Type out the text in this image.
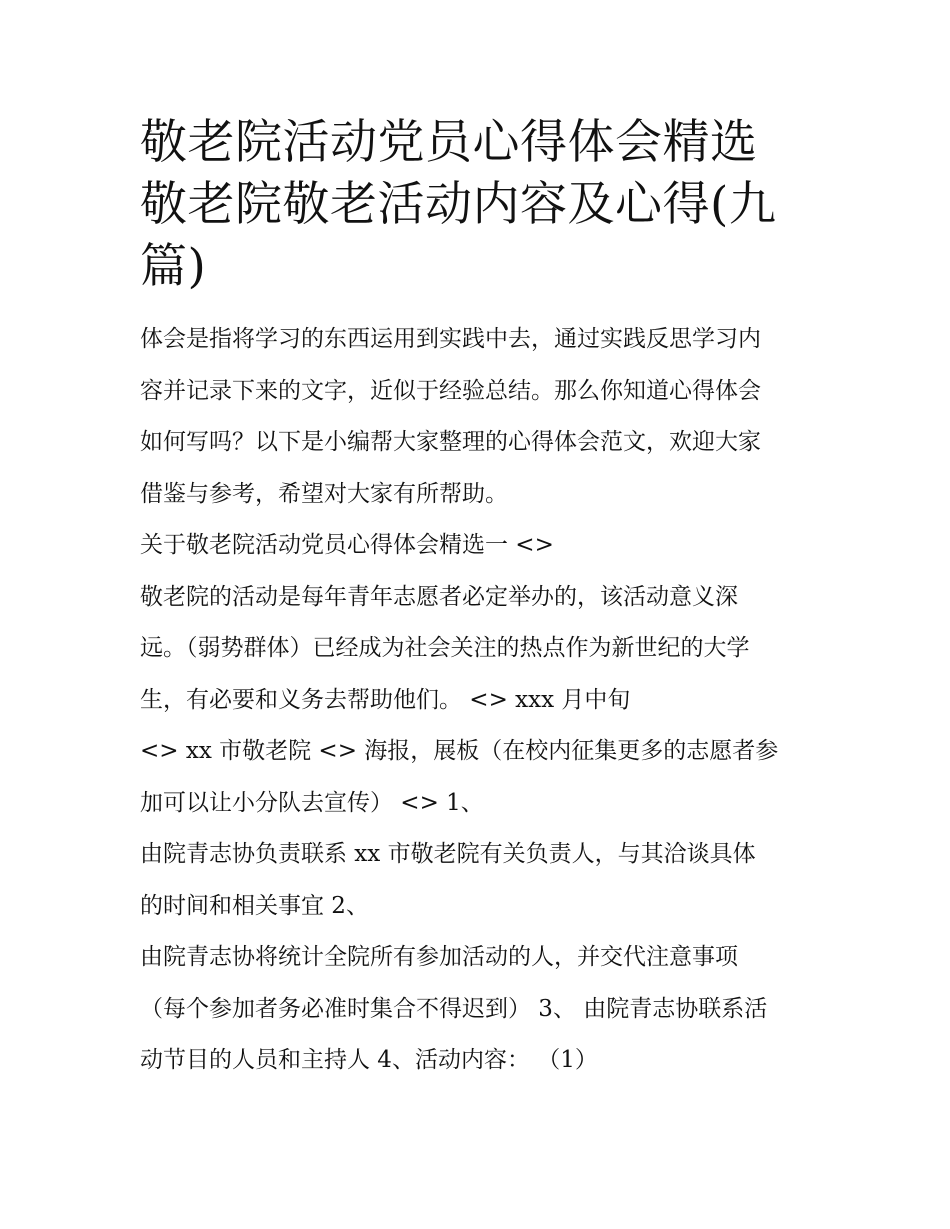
敬老院活动党员心得体会精选
敬老院敬老活动内容及心得(九
篇)

体会是指将学习的东西运用到实践中去，通过实践反思学习内
容并记录下来的文字，近似于经验总结。那么你知道心得体会
如何写吗？以下是小编帮大家整理的心得体会范文，欢迎大家
借鉴与参考，希望对大家有所帮助。

关于敬老院活动党员心得体会精选一 <>

敬老院的活动是每年青年志愿者必定举办的，该活动意义深
远。（弱势群体）已经成为社会关注的热点作为新世纪的大学
生，有必要和义务去帮助他们。 <> xxx 月中旬

<> xx 市敬老院 <> 海报，展板（在校内征集更多的志愿者参
加可以让小分队去宣传） <> 1、

由院青志协负责联系 xx 市敬老院有关负责人，与其洽谈具体
的时间和相关事宜 2、

由院青志协将统计全院所有参加活动的人，并交代注意事项
（每个参加者务必准时集合不得迟到） 3、 由院青志协联系活
动节目的人员和主持人 4、活动内容： （1）
